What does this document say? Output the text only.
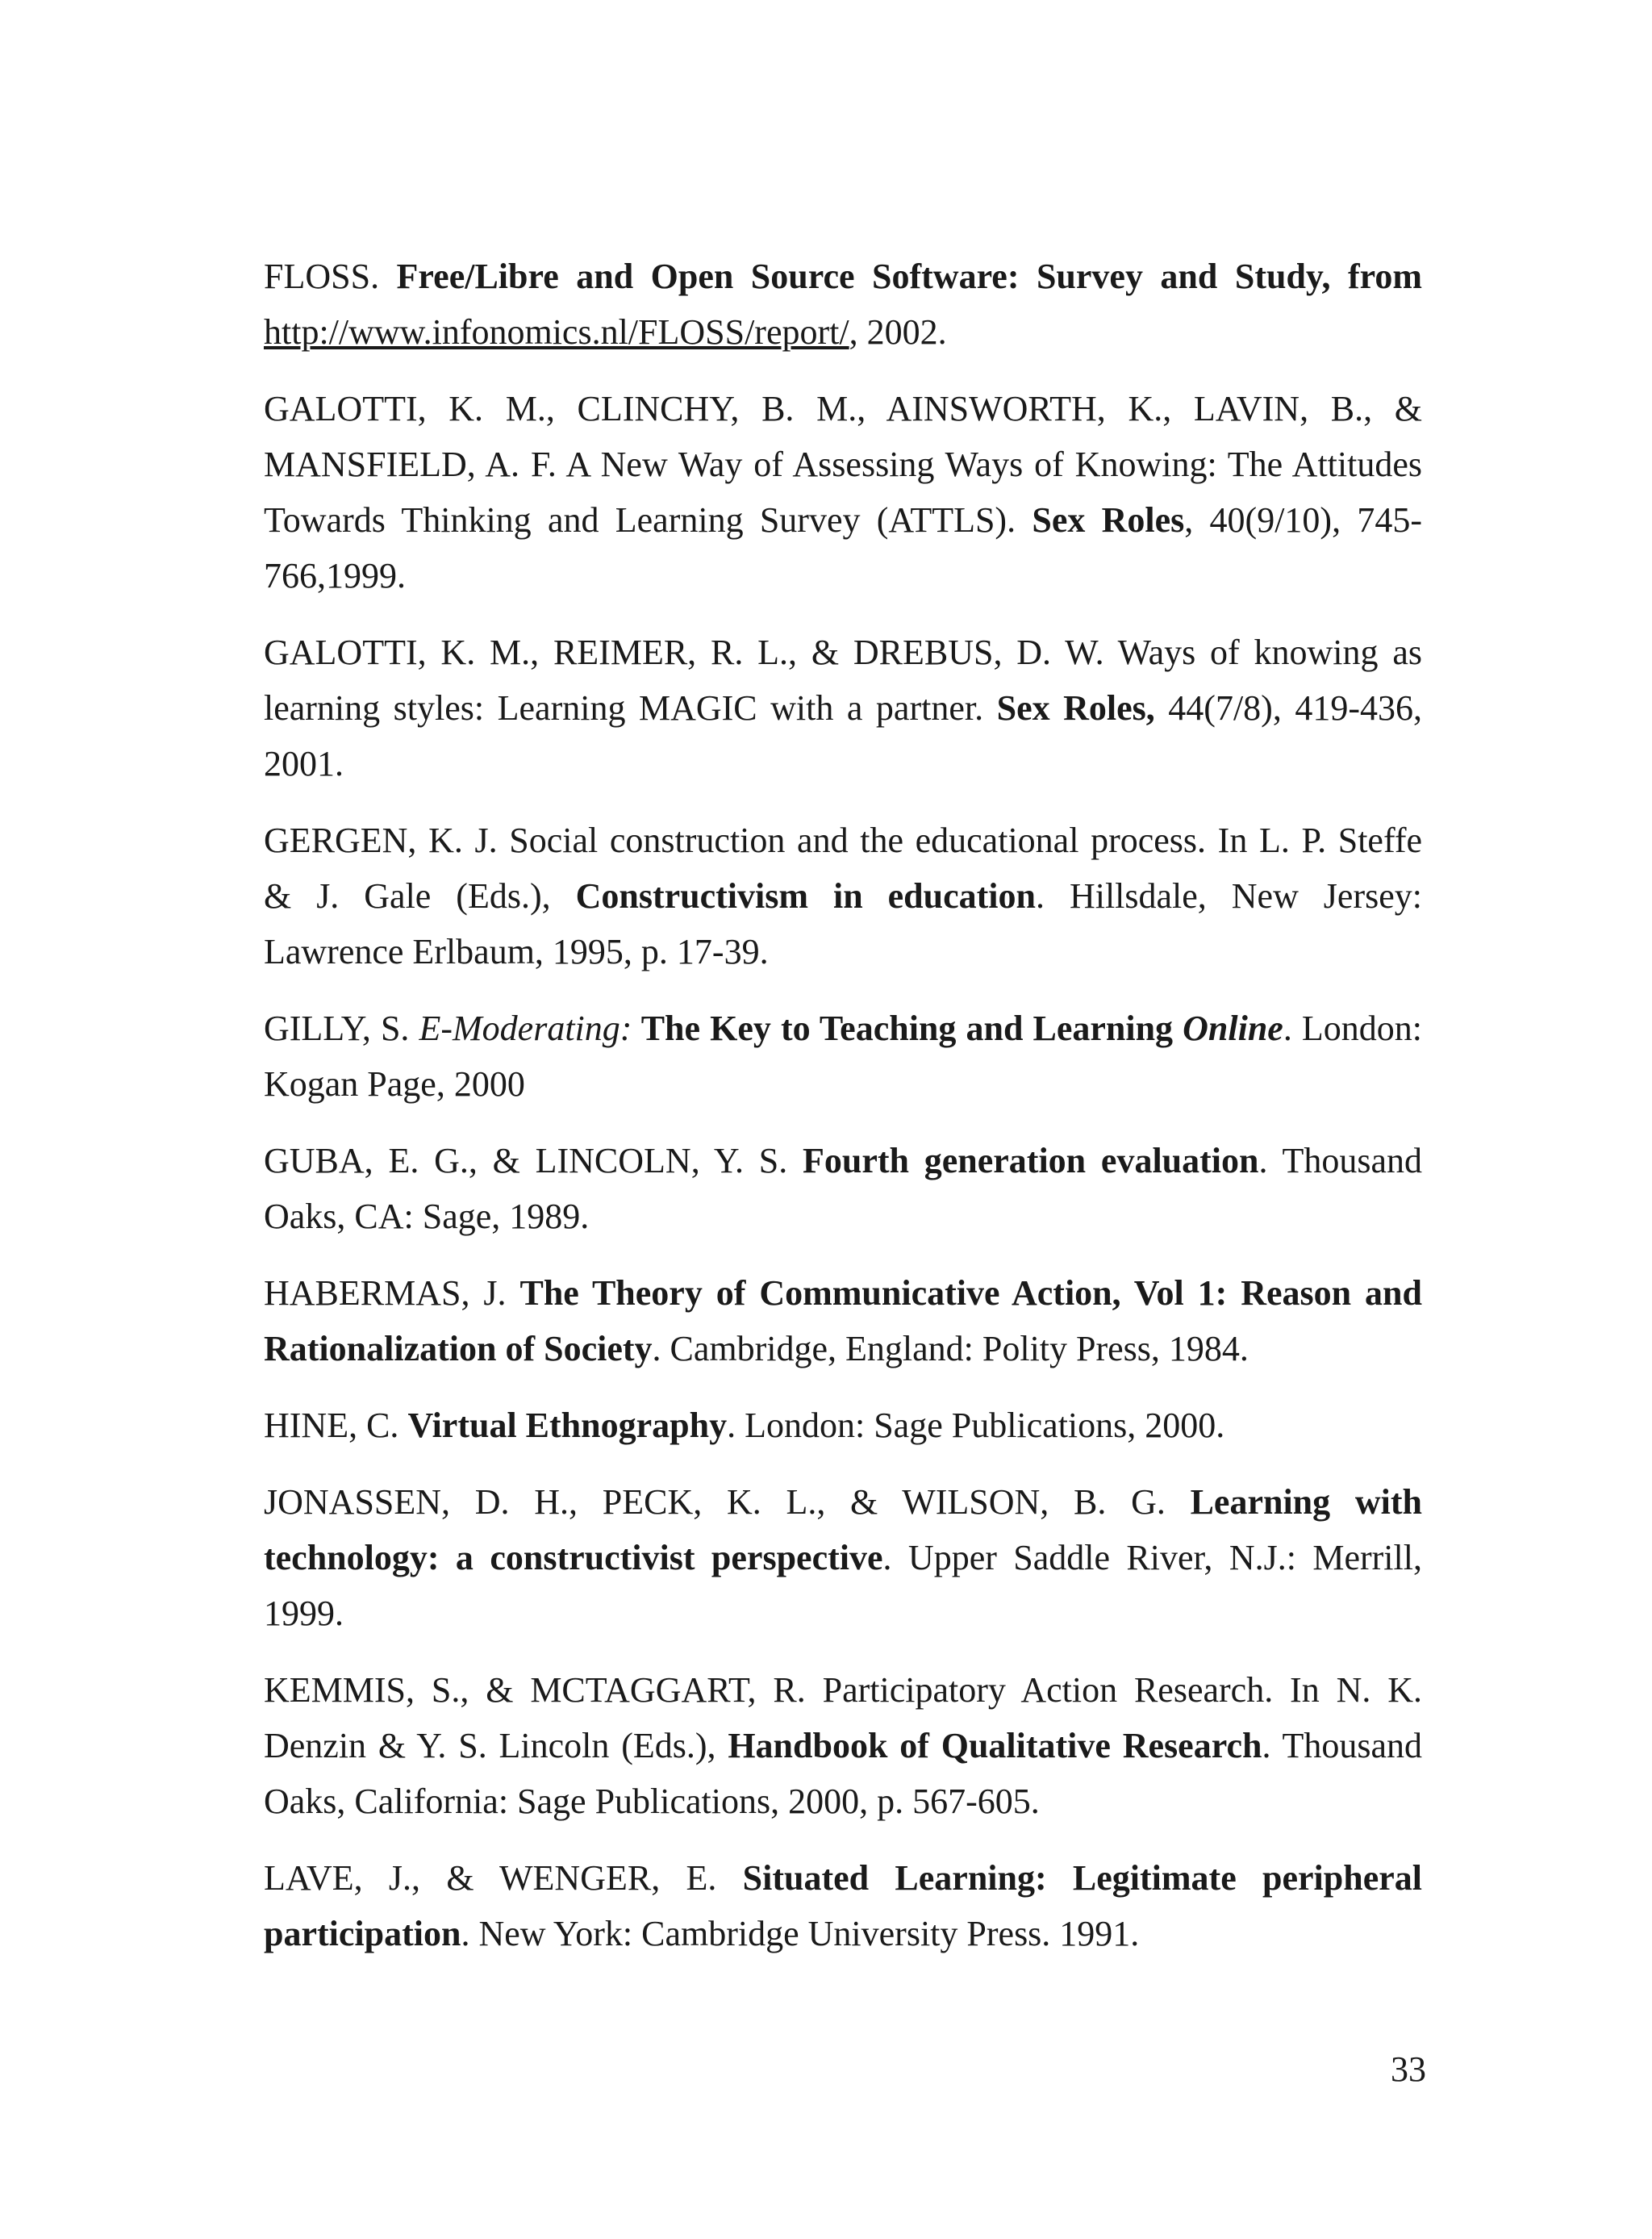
FLOSS. Free/Libre and Open Source Software: Survey and Study, from http://www.infonomics.nl/FLOSS/report/, 2002.

GALOTTI, K. M., CLINCHY, B. M., AINSWORTH, K., LAVIN, B., & MANSFIELD, A. F. A New Way of Assessing Ways of Knowing: The Attitudes Towards Thinking and Learning Survey (ATTLS). Sex Roles, 40(9/10), 745-766,1999.

GALOTTI, K. M., REIMER, R. L., & DREBUS, D. W. Ways of knowing as learning styles: Learning MAGIC with a partner. Sex Roles, 44(7/8), 419-436, 2001.

GERGEN, K. J. Social construction and the educational process. In L. P. Steffe & J. Gale (Eds.), Constructivism in education. Hillsdale, New Jersey: Lawrence Erlbaum, 1995, p. 17-39.

GILLY, S. E-Moderating: The Key to Teaching and Learning Online. London: Kogan Page, 2000

GUBA, E. G., & LINCOLN, Y. S. Fourth generation evaluation. Thousand Oaks, CA: Sage, 1989.

HABERMAS, J. The Theory of Communicative Action, Vol 1: Reason and Rationalization of Society. Cambridge, England: Polity Press, 1984.

HINE, C. Virtual Ethnography. London: Sage Publications, 2000.

JONASSEN, D. H., PECK, K. L., & WILSON, B. G. Learning with technology: a constructivist perspective. Upper Saddle River, N.J.: Merrill, 1999.

KEMMIS, S., & MCTAGGART, R. Participatory Action Research. In N. K. Denzin & Y. S. Lincoln (Eds.), Handbook of Qualitative Research. Thousand Oaks, California: Sage Publications, 2000, p. 567-605.

LAVE, J., & WENGER, E. Situated Learning: Legitimate peripheral participation. New York: Cambridge University Press. 1991.

33
